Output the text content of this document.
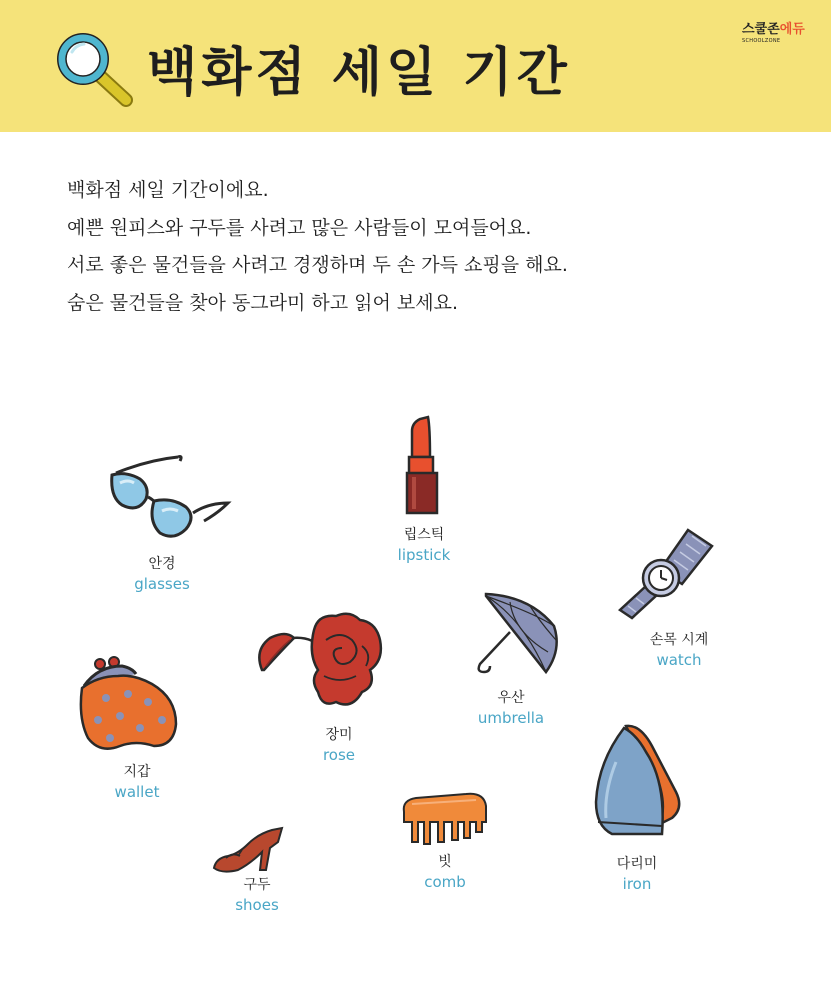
백화점 세일 기간
스쿨존에듀
SCHOOLZONE
백화점 세일 기간이에요.
예쁜 원피스와 구두를 사려고 많은 사람들이 모여들어요.
서로 좋은 물건들을 사려고 경쟁하며 두 손 가득 쇼핑을 해요.
숨은 물건들을 찾아 동그라미 하고 읽어 보세요.
안경
glasses
립스틱
lipstick
손목 시계
watch
우산
umbrella
장미
rose
지갑
wallet
구두
shoes
빗
comb
다리미
iron
